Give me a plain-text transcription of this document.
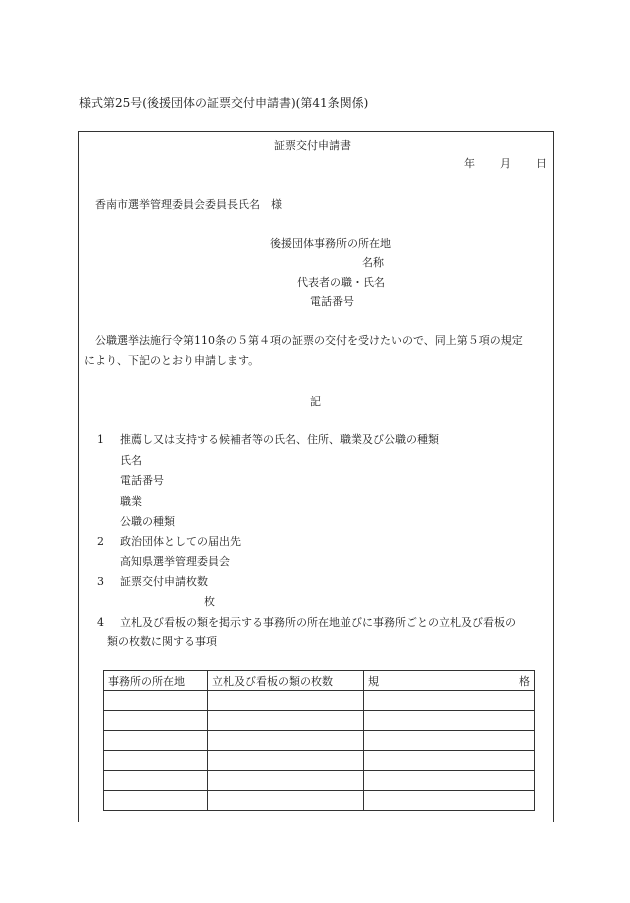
様式第25号(後援団体の証票交付申請書)(第41条関係)
証票交付申請書
年 月 日
香南市選挙管理委員会委員長氏名　様
後援団体事務所の所在地
名称
代表者の職・氏名
電話番号
公職選挙法施行令第110条の５第４項の証票の交付を受けたいので、同上第５項の規定
により、下記のとおり申請します。
記
1 推薦し又は支持する候補者等の氏名、住所、職業及び公職の種類
氏名
電話番号
職業
公職の種類
2 政治団体としての届出先
高知県選挙管理委員会
3 証票交付申請枚数
枚
4 立札及び看板の類を掲示する事務所の所在地並びに事務所ごとの立札及び看板の
類の枚数に関する事項
事務所の所在地	立札及び看板の類の枚数	規 格
